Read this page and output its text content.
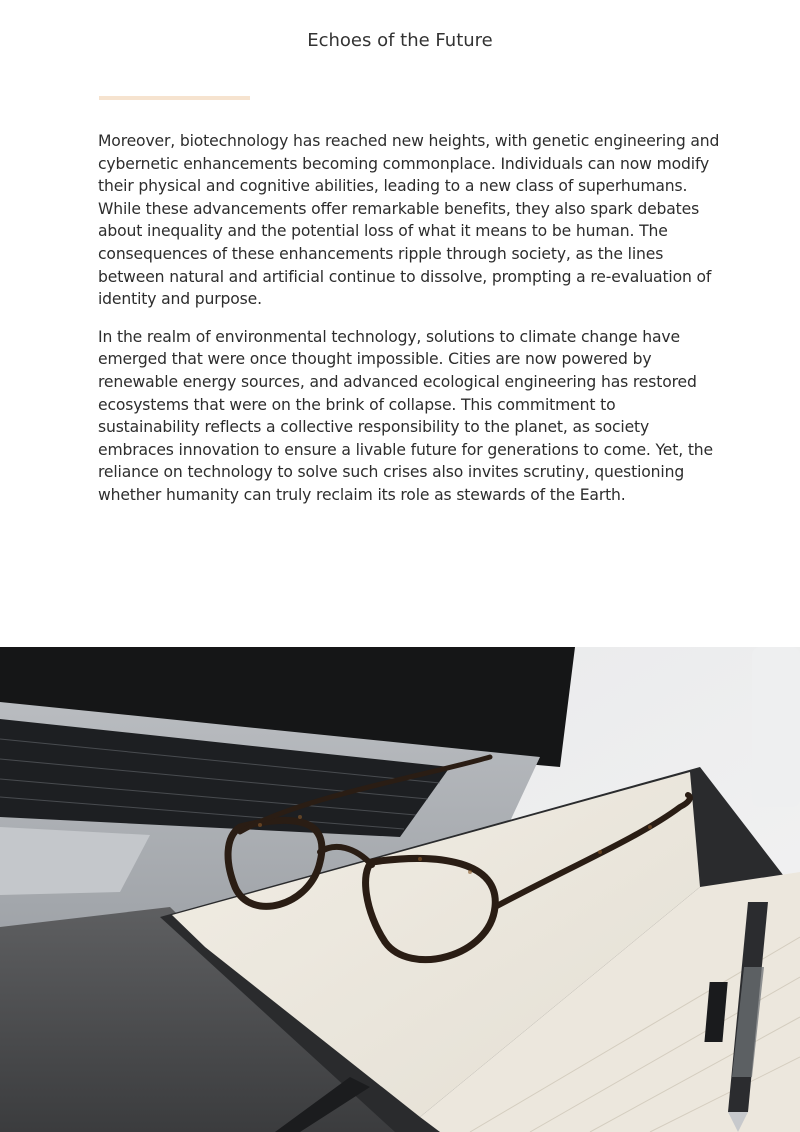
Echoes of the Future

Moreover, biotechnology has reached new heights, with genetic engineering and cybernetic enhancements becoming commonplace. Individuals can now modify their physical and cognitive abilities, leading to a new class of superhumans. While these advancements offer remarkable benefits, they also spark debates about inequality and the potential loss of what it means to be human. The consequences of these enhancements ripple through society, as the lines between natural and artificial continue to dissolve, prompting a re-evaluation of identity and purpose.

In the realm of environmental technology, solutions to climate change have emerged that were once thought impossible. Cities are now powered by renewable energy sources, and advanced ecological engineering has restored ecosystems that were on the brink of collapse. This commitment to sustainability reflects a collective responsibility to the planet, as society embraces innovation to ensure a livable future for generations to come. Yet, the reliance on technology to solve such crises also invites scrutiny, questioning whether humanity can truly reclaim its role as stewards of the Earth.
